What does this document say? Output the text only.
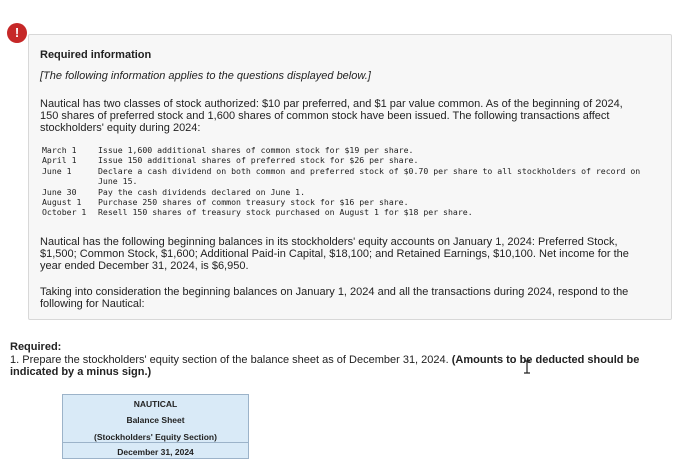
!
Required information
[The following information applies to the questions displayed below.]
Nautical has two classes of stock authorized: $10 par preferred, and $1 par value common. As of the beginning of 2024, 150 shares of preferred stock and 1,600 shares of common stock have been issued. The following transactions affect stockholders' equity during 2024:
March 1	Issue 1,600 additional shares of common stock for $19 per share.
April 1	Issue 150 additional shares of preferred stock for $26 per share.
June 1	Declare a cash dividend on both common and preferred stock of $0.70 per share to all stockholders of record on June 15.
June 30	Pay the cash dividends declared on June 1.
August 1	Purchase 250 shares of common treasury stock for $16 per share.
October 1	Resell 150 shares of treasury stock purchased on August 1 for $18 per share.
Nautical has the following beginning balances in its stockholders' equity accounts on January 1, 2024: Preferred Stock, $1,500; Common Stock, $1,600; Additional Paid-in Capital, $18,100; and Retained Earnings, $10,100. Net income for the year ended December 31, 2024, is $6,950.
Taking into consideration the beginning balances on January 1, 2024 and all the transactions during 2024, respond to the following for Nautical:
Required:
1. Prepare the stockholders' equity section of the balance sheet as of December 31, 2024. (Amounts to be deducted should be indicated by a minus sign.)
NAUTICAL
Balance Sheet
(Stockholders' Equity Section)
December 31, 2024
